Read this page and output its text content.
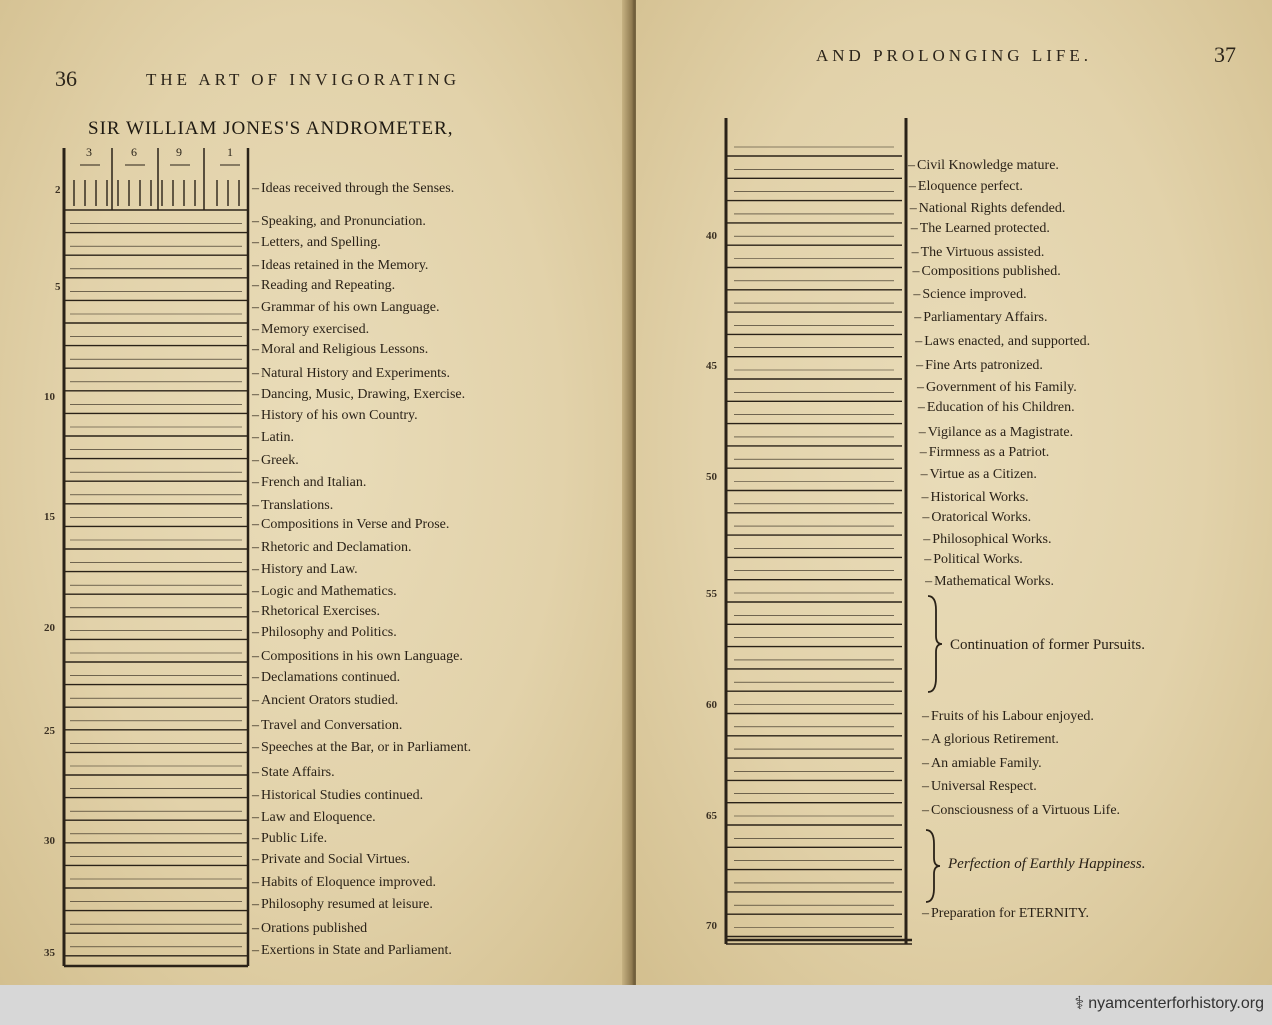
36	THE ART OF INVIGORATING
SIR WILLIAM JONES'S ANDROMETER,
3	6	9	1
2
5
10
15
20
25
30
35
– Ideas received through the Senses.
– Speaking, and Pronunciation.
– Letters, and Spelling.
– Ideas retained in the Memory.
– Reading and Repeating.
– Grammar of his own Language.
– Memory exercised.
– Moral and Religious Lessons.
– Natural History and Experiments.
– Dancing, Music, Drawing, Exercise.
– History of his own Country.
– Latin.
– Greek.
– French and Italian.
– Translations.
– Compositions in Verse and Prose.
– Rhetoric and Declamation.
– History and Law.
– Logic and Mathematics.
– Rhetorical Exercises.
– Philosophy and Politics.
– Compositions in his own Language.
– Declamations continued.
– Ancient Orators studied.
– Travel and Conversation.
– Speeches at the Bar, or in Parliament.
– State Affairs.
– Historical Studies continued.
– Law and Eloquence.
– Public Life.
– Private and Social Virtues.
– Habits of Eloquence improved.
– Philosophy resumed at leisure.
– Orations published
– Exertions in State and Parliament.
AND PROLONGING LIFE.	37
40
45
50
55
60
65
70
– Civil Knowledge mature.
– Eloquence perfect.
– National Rights defended.
– The Learned protected.
– The Virtuous assisted.
– Compositions published.
– Science improved.
– Parliamentary Affairs.
– Laws enacted, and supported.
– Fine Arts patronized.
– Government of his Family.
– Education of his Children.
– Vigilance as a Magistrate.
– Firmness as a Patriot.
– Virtue as a Citizen.
– Historical Works.
– Oratorical Works.
– Philosophical Works.
– Political Works.
– Mathematical Works.
– Fruits of his Labour enjoyed.
– A glorious Retirement.
– An amiable Family.
– Universal Respect.
– Consciousness of a Virtuous Life.
– Preparation for ETERNITY.
Continuation of former Pursuits.
Perfection of Earthly Happiness.
⚕ nyamcenterforhistory.org
